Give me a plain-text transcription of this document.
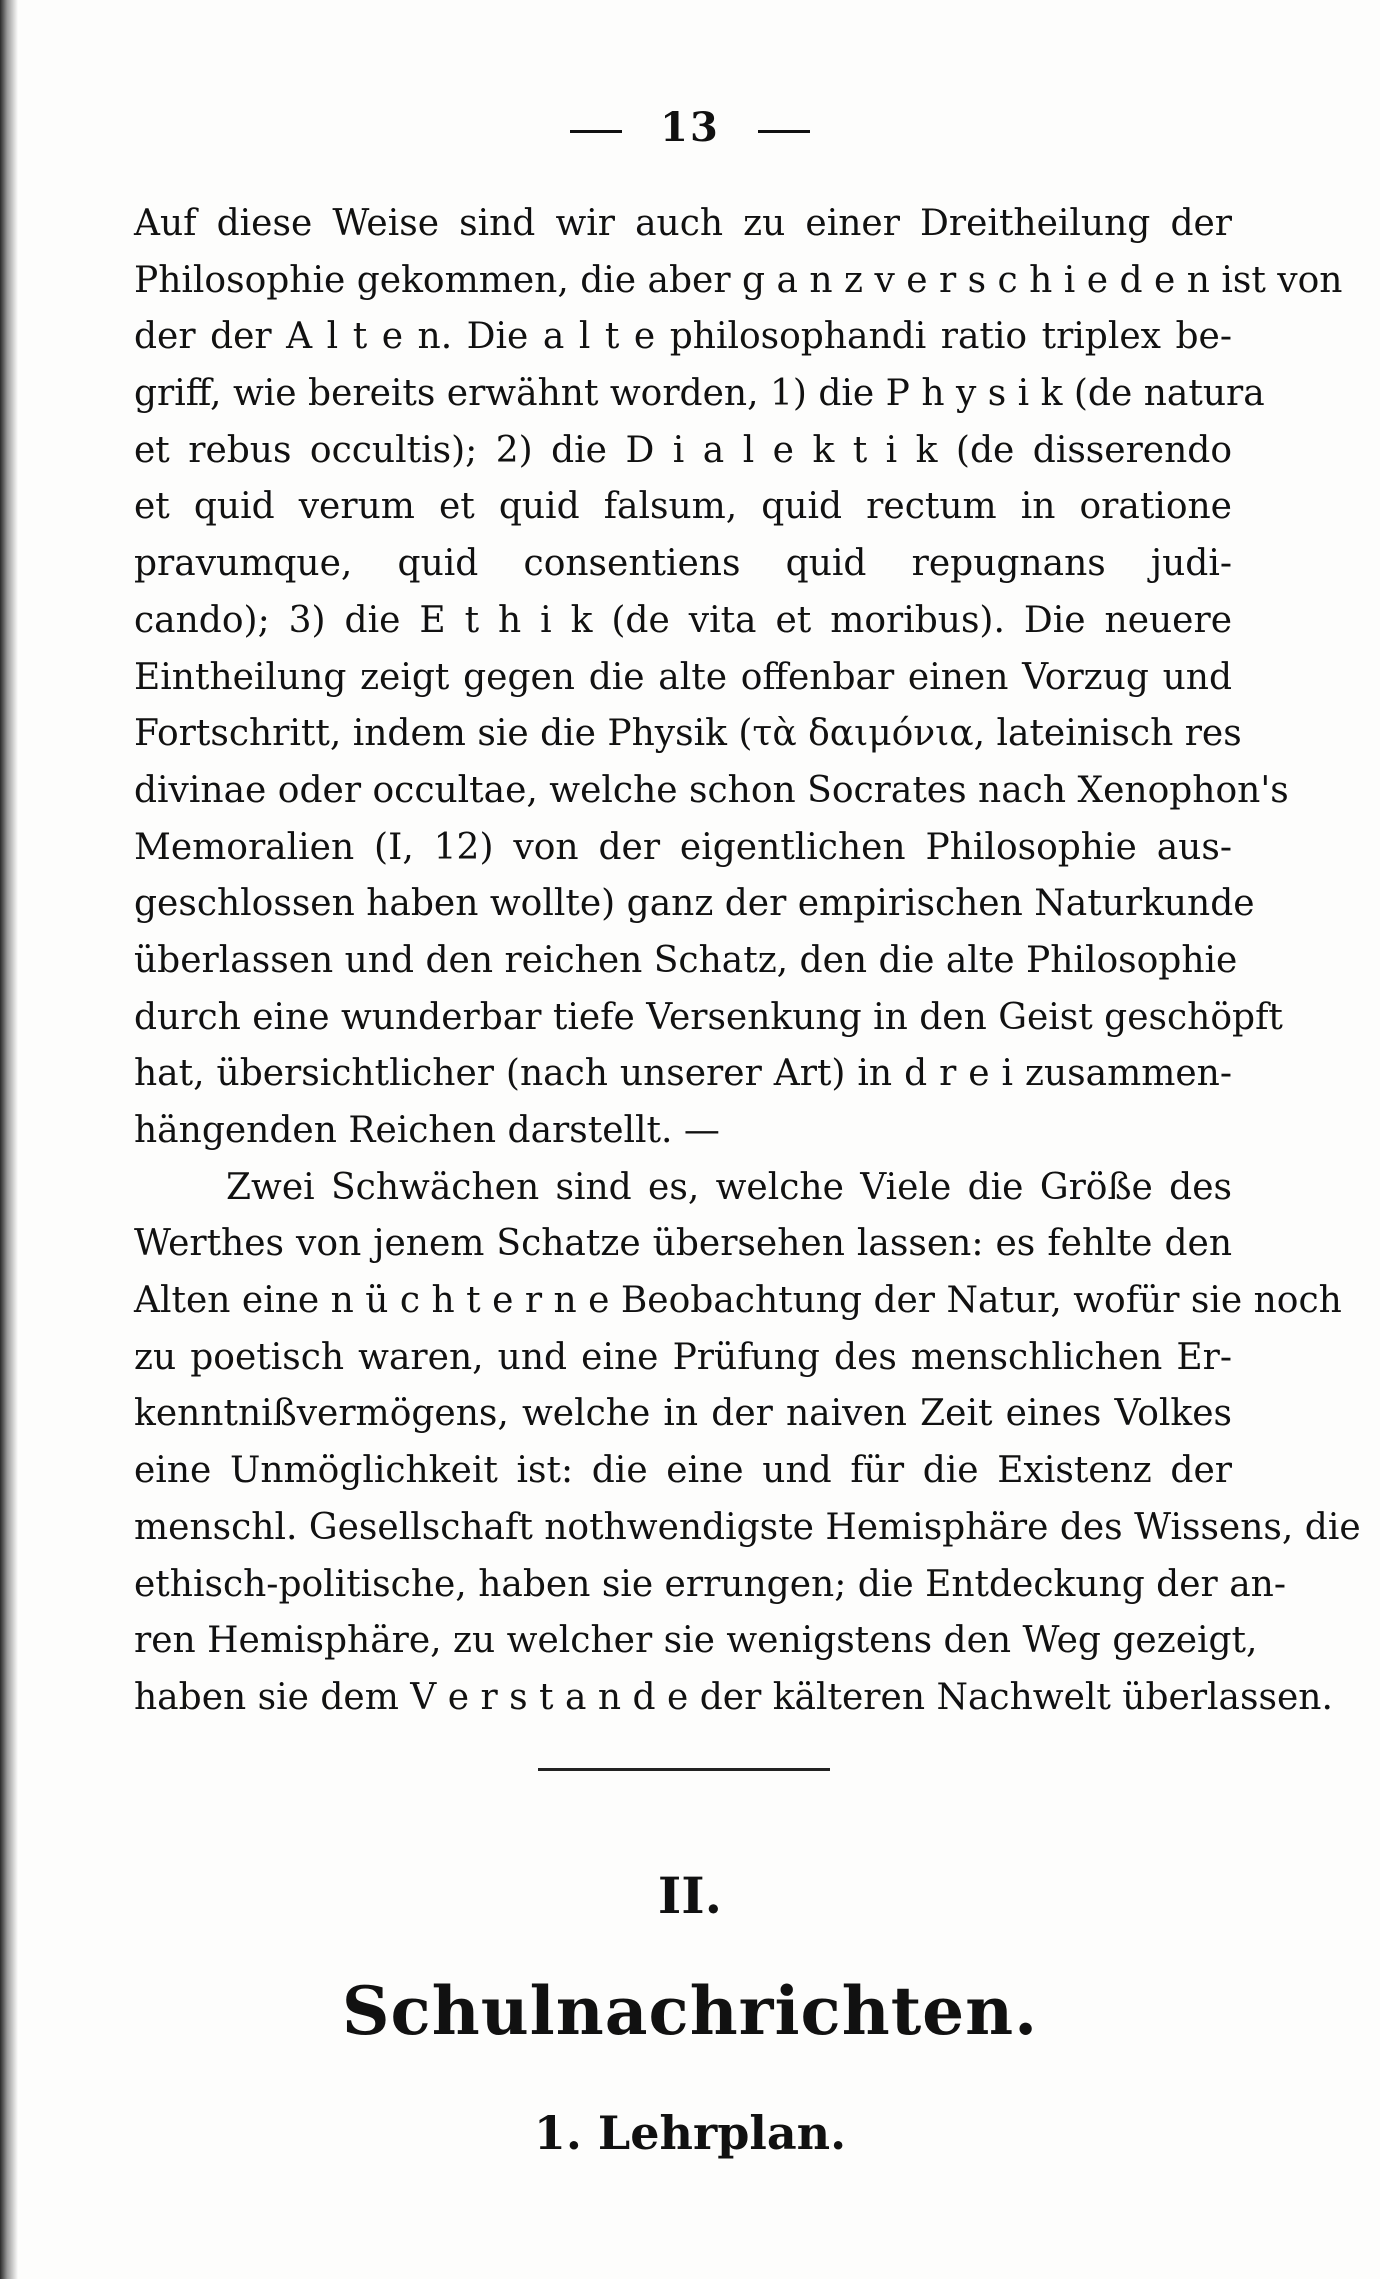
13
Auf diese Weise sind wir auch zu einer Dreitheilung der
Philosophie gekommen, die aber g a n z v e r s c h i e d e n ist von
der der A l t e n. Die a l t e philosophandi ratio triplex be-
griff, wie bereits erwähnt worden, 1) die P h y s i k (de natura
et rebus occultis); 2) die D i a l e k t i k (de disserendo
et quid verum et quid falsum, quid rectum in oratione
pravumque, quid consentiens quid repugnans judi-
cando); 3) die E t h i k (de vita et moribus). Die neuere
Eintheilung zeigt gegen die alte offenbar einen Vorzug und
Fortschritt, indem sie die Physik (τὰ δαιμόνια, lateinisch res
divinae oder occultae, welche schon Socrates nach Xenophon's
Memoralien (I, 12) von der eigentlichen Philosophie aus-
geschlossen haben wollte) ganz der empirischen Naturkunde
überlassen und den reichen Schatz, den die alte Philosophie
durch eine wunderbar tiefe Versenkung in den Geist geschöpft
hat, übersichtlicher (nach unserer Art) in d r e i zusammen-
hängenden Reichen darstellt. —
Zwei Schwächen sind es, welche Viele die Größe des
Werthes von jenem Schatze übersehen lassen: es fehlte den
Alten eine n ü c h t e r n e Beobachtung der Natur, wofür sie noch
zu poetisch waren, und eine Prüfung des menschlichen Er-
kenntnißvermögens, welche in der naiven Zeit eines Volkes
eine Unmöglichkeit ist: die eine und für die Existenz der
menschl. Gesellschaft nothwendigste Hemisphäre des Wissens, die
ethisch-politische, haben sie errungen; die Entdeckung der an-
ren Hemisphäre, zu welcher sie wenigstens den Weg gezeigt,
haben sie dem V e r s t a n d e der kälteren Nachwelt überlassen.
II.
Schulnachrichten.
1. Lehrplan.
